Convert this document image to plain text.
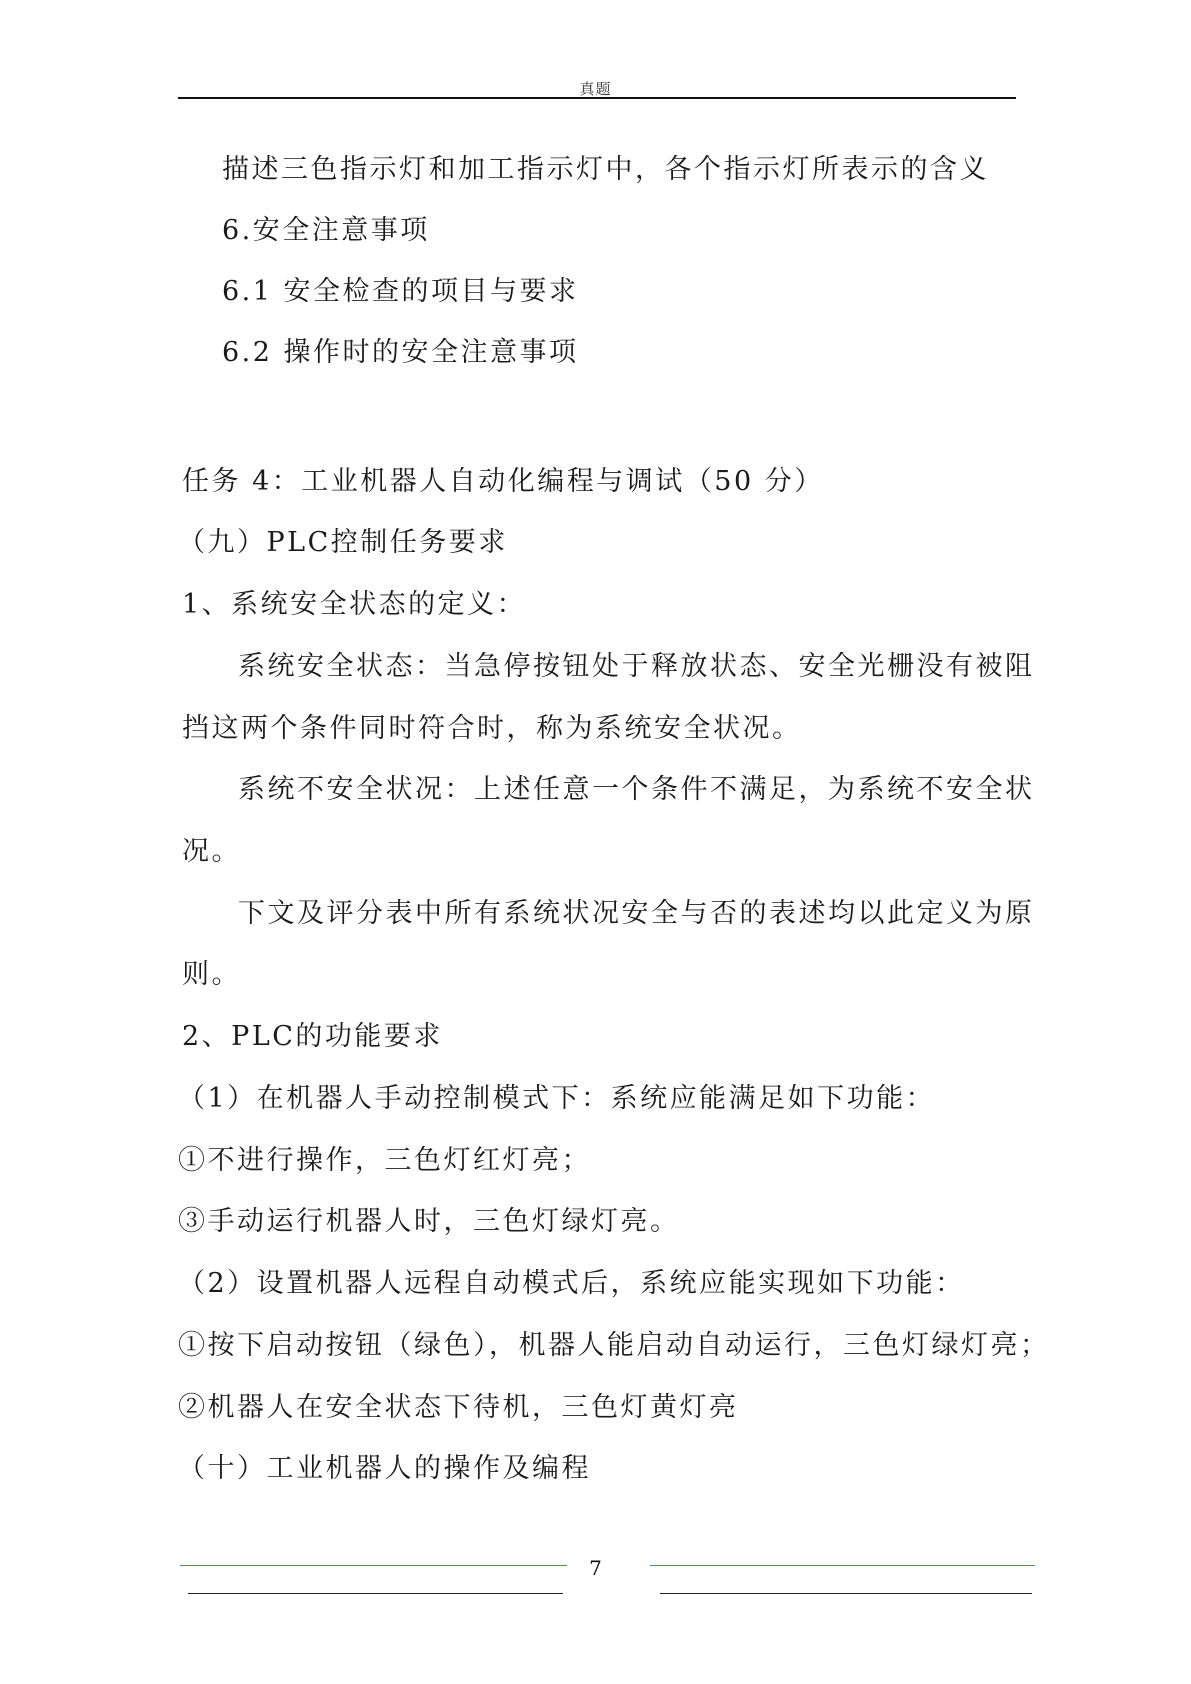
真题
描述三色指示灯和加工指示灯中，各个指示灯所表示的含义
6.安全注意事项
6.1 安全检查的项目与要求
6.2 操作时的安全注意事项
任务 4：工业机器人自动化编程与调试（50 分）
（九）PLC控制任务要求
1、系统安全状态的定义：
系统安全状态：当急停按钮处于释放状态、安全光栅没有被阻
挡这两个条件同时符合时，称为系统安全状况。
系统不安全状况：上述任意一个条件不满足，为系统不安全状
况。
下文及评分表中所有系统状况安全与否的表述均以此定义为原
则。
2、PLC的功能要求
（1）在机器人手动控制模式下：系统应能满足如下功能：
①不进行操作，三色灯红灯亮；
③手动运行机器人时，三色灯绿灯亮。
（2）设置机器人远程自动模式后，系统应能实现如下功能：
①按下启动按钮（绿色），机器人能启动自动运行，三色灯绿灯亮；
②机器人在安全状态下待机，三色灯黄灯亮
（十）工业机器人的操作及编程
7
